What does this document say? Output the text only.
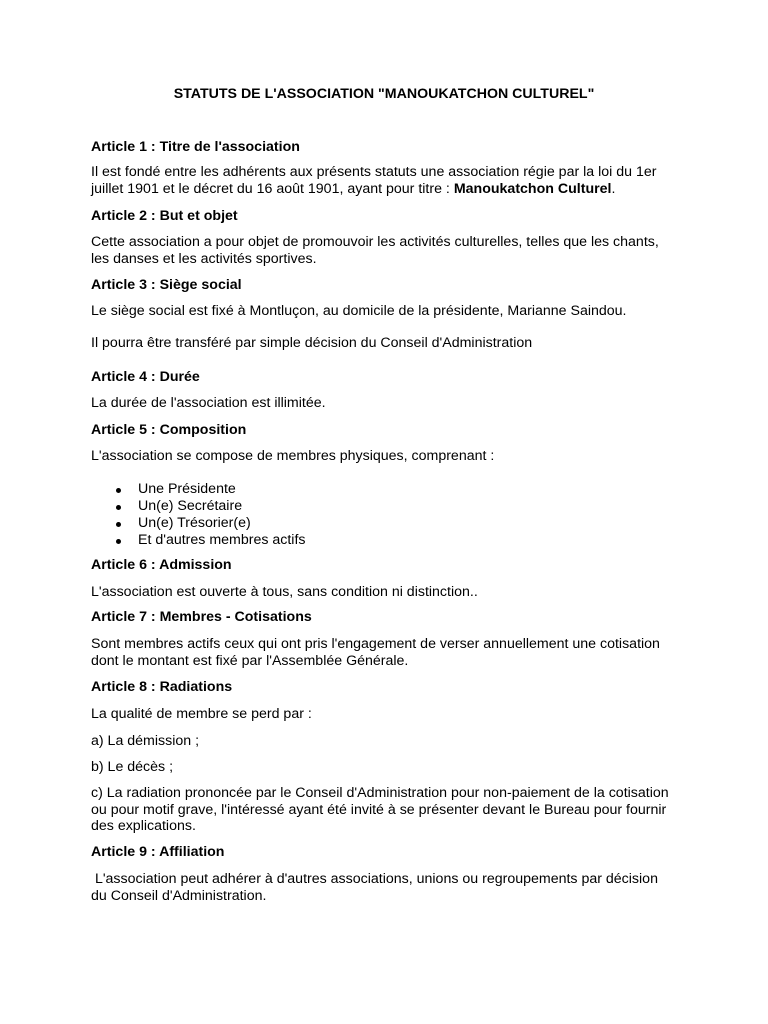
STATUTS DE L'ASSOCIATION "MANOUKATCHON CULTUREL"

Article 1 : Titre de l'association

Il est fondé entre les adhérents aux présents statuts une association régie par la loi du 1er
juillet 1901 et le décret du 16 août 1901, ayant pour titre : Manoukatchon Culturel.

Article 2 : But et objet

Cette association a pour objet de promouvoir les activités culturelles, telles que les chants,
les danses et les activités sportives.

Article 3 : Siège social

Le siège social est fixé à Montluçon, au domicile de la présidente, Marianne Saindou.

Il pourra être transféré par simple décision du Conseil d'Administration

Article 4 : Durée

La durée de l'association est illimitée.

Article 5 : Composition

L'association se compose de membres physiques, comprenant :

Une Présidente
Un(e) Secrétaire
Un(e) Trésorier(e)
Et d'autres membres actifs

Article 6 : Admission

L'association est ouverte à tous, sans condition ni distinction..

Article 7 : Membres - Cotisations

Sont membres actifs ceux qui ont pris l'engagement de verser annuellement une cotisation
dont le montant est fixé par l'Assemblée Générale.

Article 8 : Radiations

La qualité de membre se perd par :

a) La démission ;

b) Le décès ;

c) La radiation prononcée par le Conseil d'Administration pour non-paiement de la cotisation
ou pour motif grave, l'intéressé ayant été invité à se présenter devant le Bureau pour fournir
des explications.

Article 9 : Affiliation

L'association peut adhérer à d'autres associations, unions ou regroupements par décision
du Conseil d'Administration.
